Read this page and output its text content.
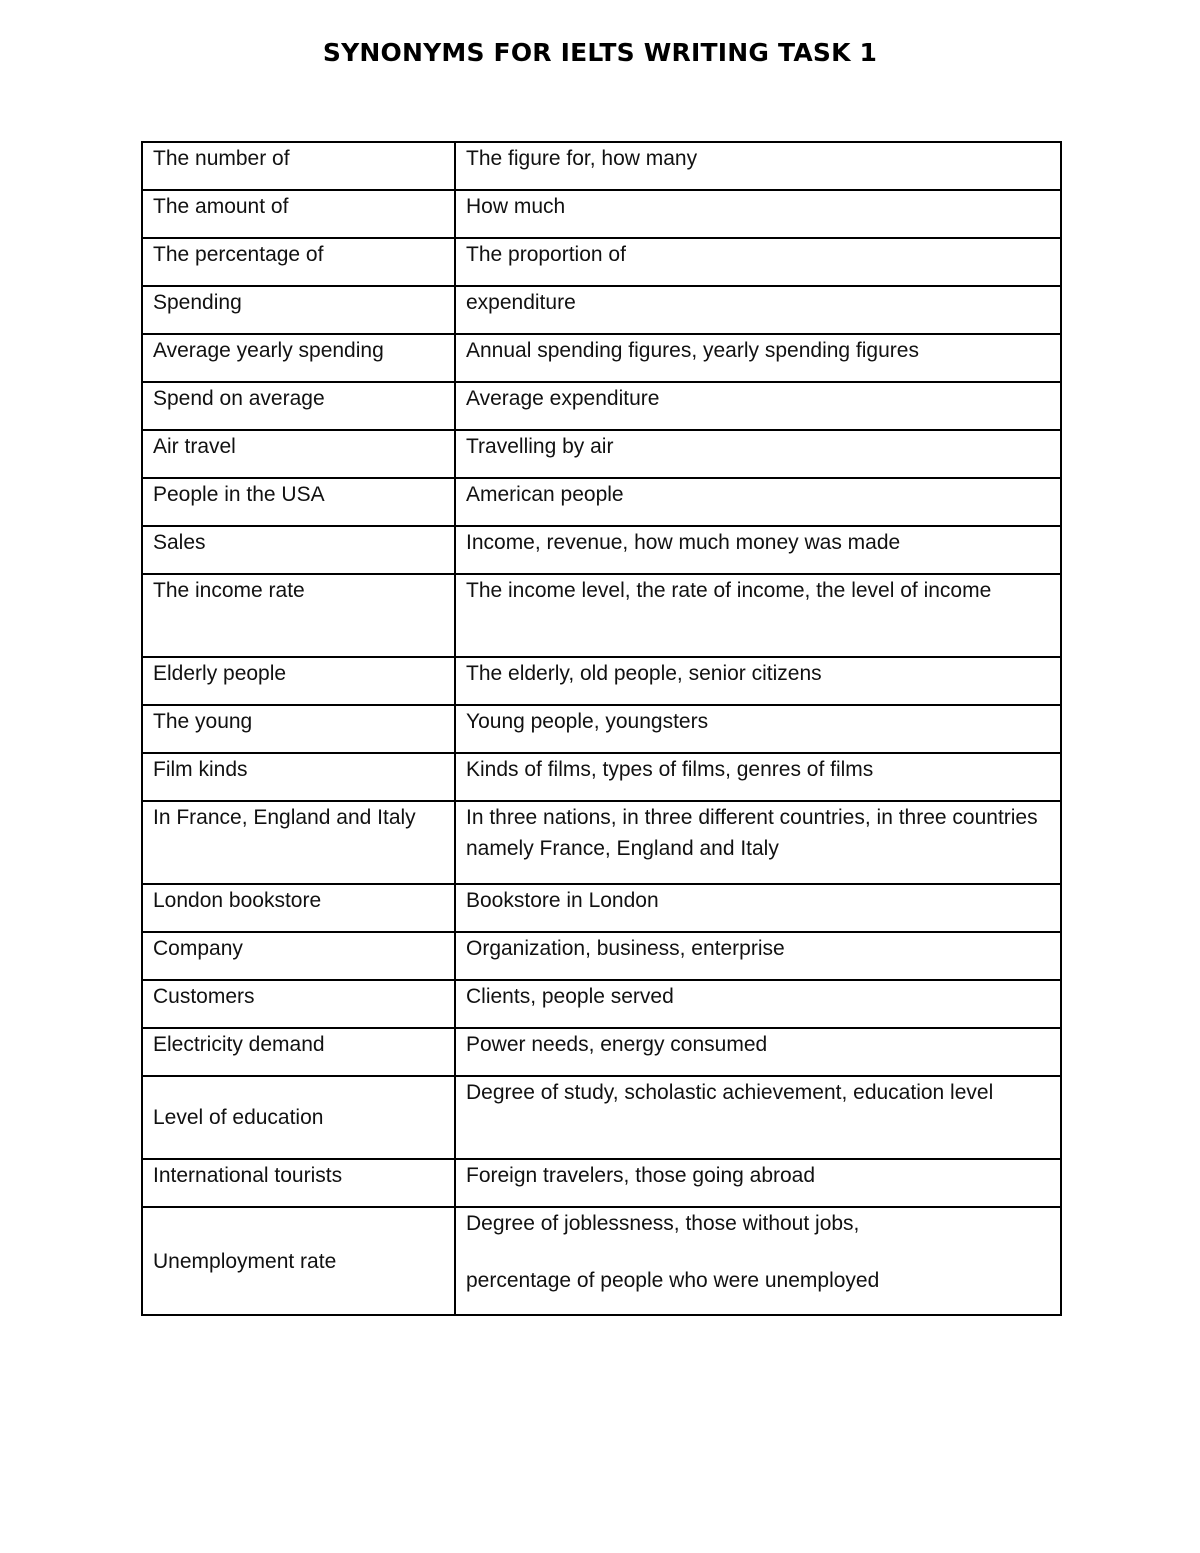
SYNONYMS FOR IELTS WRITING TASK 1
The number of	The figure for, how many
The amount of	How much
The percentage of	The proportion of
Spending	expenditure
Average yearly spending	Annual spending figures, yearly spending figures
Spend on average	Average expenditure
Air travel	Travelling by air
People in the USA	American people
Sales	Income, revenue, how much money was made
The income rate	The income level, the rate of income, the level of income
Elderly people	The elderly, old people, senior citizens
The young	Young people, youngsters
Film kinds	Kinds of films, types of films, genres of films
In France, England and Italy	In three nations, in three different countries, in three countries namely France, England and Italy
London bookstore	Bookstore in London
Company	Organization, business, enterprise
Customers	Clients, people served
Electricity demand	Power needs, energy consumed
Level of education	Degree of study, scholastic achievement, education level
International tourists	Foreign travelers, those going abroad
Unemployment rate	Degree of joblessness, those without jobs,
percentage of people who were unemployed
